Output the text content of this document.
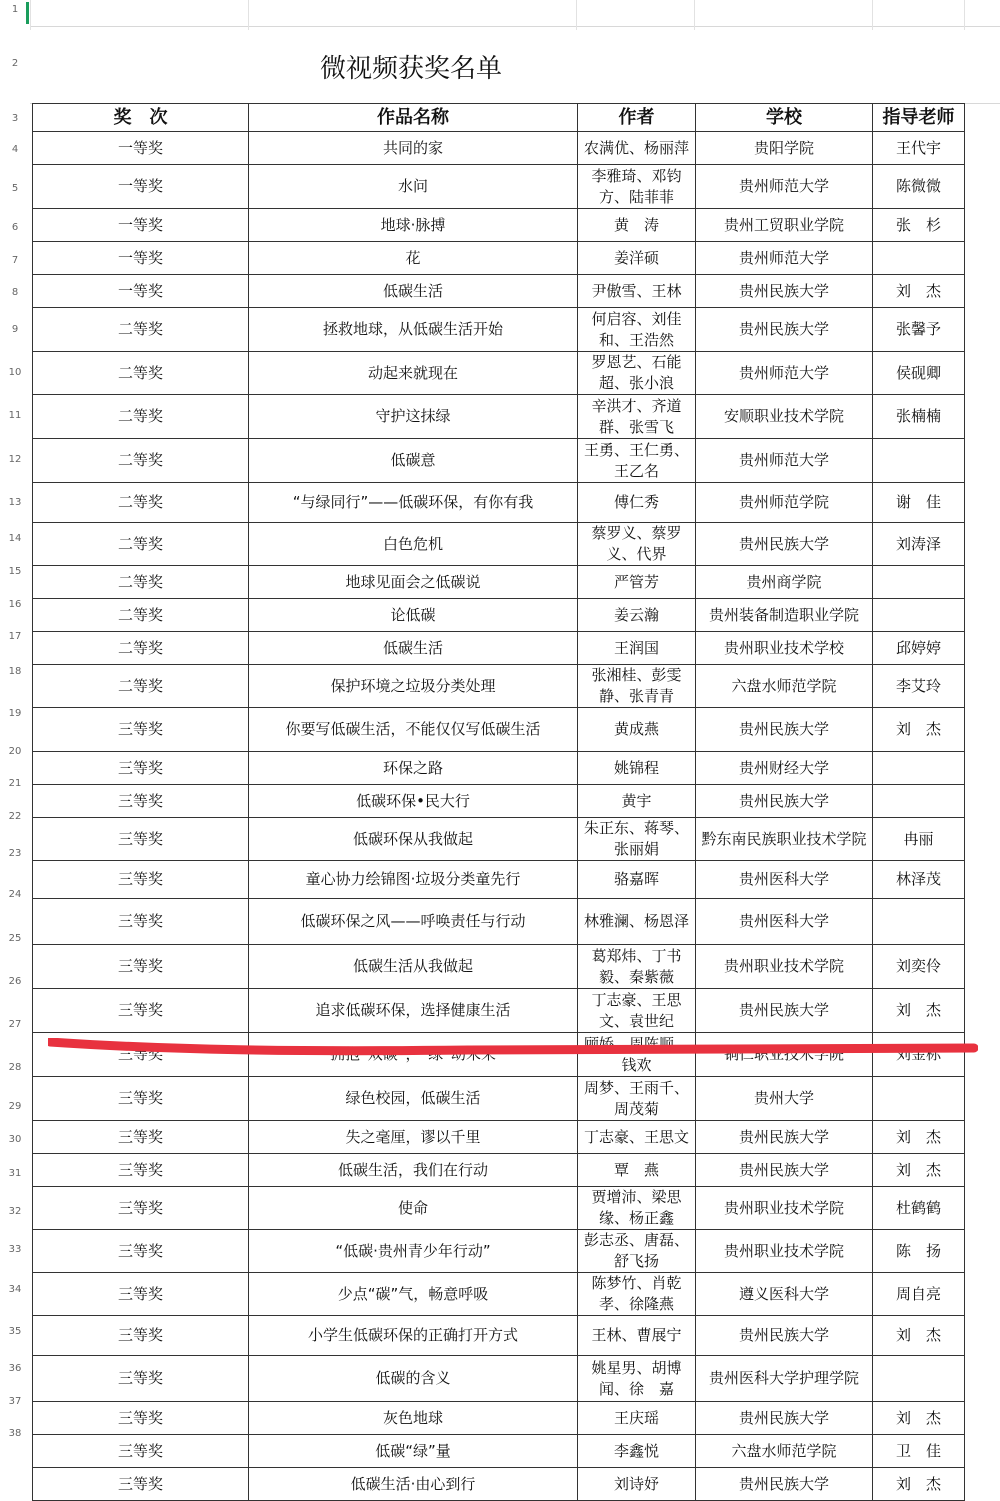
1
2
3
4
5
6
7
8
9
10
11
12
13
14
15
16
17
18
19
20
21
22
23
24
25
26
27
28
29
30
31
32
33
34
35
36
37
38
微视频获奖名单
奖　次	作品名称	作者	学校	指导老师
一等奖	共同的家	农满优、杨丽萍	贵阳学院	王代宇
一等奖	水问	李雅琦、邓钧方、陆菲菲	贵州师范大学	陈微微
一等奖	地球·脉搏	黄　涛	贵州工贸职业学院	张　杉
一等奖	花	姜洋硕	贵州师范大学	
一等奖	低碳生活	尹傲雪、王林	贵州民族大学	刘　杰
二等奖	拯救地球，从低碳生活开始	何启容、刘佳和、王浩然	贵州民族大学	张馨予
二等奖	动起来就现在	罗恩艺、石能超、张小浪	贵州师范大学	侯砚卿
二等奖	守护这抹绿	辛洪才、齐道群、张雪飞	安顺职业技术学院	张楠楠
二等奖	低碳意	王勇、王仁勇、王乙名	贵州师范大学	
二等奖	“与绿同行”——低碳环保，有你有我	傅仁秀	贵州师范学院	谢　佳
二等奖	白色危机	蔡罗义、蔡罗义、代界	贵州民族大学	刘涛泽
二等奖	地球见面会之低碳说	严管芳	贵州商学院	
二等奖	论低碳	姜云瀚	贵州装备制造职业学院	
二等奖	低碳生活	王润国	贵州职业技术学校	邱婷婷
二等奖	保护环境之垃圾分类处理	张湘桂、彭雯静、张青青	六盘水师范学院	李艾玲
三等奖	你要写低碳生活，不能仅仅写低碳生活	黄成燕	贵州民族大学	刘　杰
三等奖	环保之路	姚锦程	贵州财经大学	
三等奖	低碳环保•民大行	黄宇	贵州民族大学	
三等奖	低碳环保从我做起	朱正东、蒋琴、张丽娟	黔东南民族职业技术学院	冉丽
三等奖	童心协力绘锦图·垃圾分类童先行	骆嘉晖	贵州医科大学	林泽茂
三等奖	低碳环保之风——呼唤责任与行动	林雅澜、杨恩泽	贵州医科大学	
三等奖	低碳生活从我做起	葛郑炜、丁书毅、秦紫薇	贵州职业技术学院	刘奕伶
三等奖	追求低碳环保，选择健康生活	丁志豪、王思文、袁世纪	贵州民族大学	刘　杰
三等奖	拥抱“双碳”，“绿”动未来	顾娇、周陈顺、钱欢	铜仁职业技术学院	刘金标
三等奖	绿色校园，低碳生活	周梦、王雨千、周茂菊	贵州大学	
三等奖	失之毫厘，谬以千里	丁志豪、王思文	贵州民族大学	刘　杰
三等奖	低碳生活，我们在行动	覃　燕	贵州民族大学	刘　杰
三等奖	使命	贾增沛、梁思缘、杨正鑫	贵州职业技术学院	杜鹤鹤
三等奖	“低碳·贵州青少年行动”	彭志丞、唐磊、舒飞扬	贵州职业技术学院	陈　扬
三等奖	少点“碳”气，畅意呼吸	陈梦竹、肖乾孝、徐隆燕	遵义医科大学	周自亮
三等奖	小学生低碳环保的正确打开方式	王林、曹展宁	贵州民族大学	刘　杰
三等奖	低碳的含义	姚星男、胡博闻、徐　嘉	贵州医科大学护理学院	
三等奖	灰色地球	王庆瑶	贵州民族大学	刘　杰
三等奖	低碳“绿”量	李鑫悦	六盘水师范学院	卫　佳
三等奖	低碳生活·由心到行	刘诗妤	贵州民族大学	刘　杰
